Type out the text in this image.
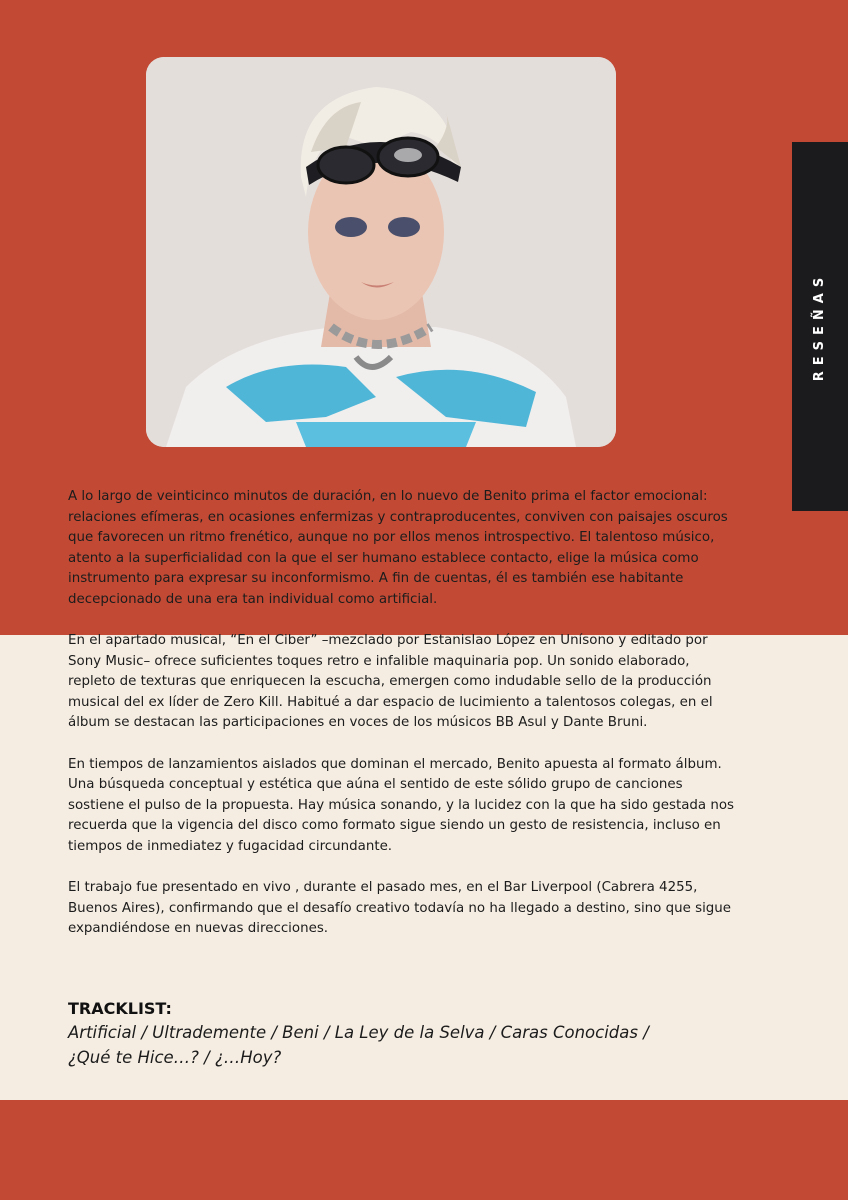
RESEÑAS

A lo largo de veinticinco minutos de duración, en lo nuevo de Benito prima el factor emocional: relaciones efímeras, en ocasiones enfermizas y contraproducentes, conviven con paisajes oscuros que favorecen un ritmo frenético, aunque no por ellos menos introspectivo. El talentoso músico, atento a la superficialidad con la que el ser humano establece contacto, elige la música como instrumento para expresar su inconformismo. A fin de cuentas, él es también ese habitante decepcionado de una era tan individual como artificial.

En el apartado musical, “En el Ciber” –mezclado por Estanislao López en Unísono y editado por Sony Music– ofrece suficientes toques retro e infalible maquinaria pop. Un sonido elaborado, repleto de texturas que enriquecen la escucha, emergen como indudable sello de la producción musical del ex líder de Zero Kill. Habitué a dar espacio de lucimiento a talentosos colegas, en el álbum se destacan las participaciones en voces de los músicos BB Asul y Dante Bruni.

En tiempos de lanzamientos aislados que dominan el mercado, Benito apuesta al formato álbum. Una búsqueda conceptual y estética que aúna el sentido de este sólido grupo de canciones sostiene el pulso de la propuesta. Hay música sonando, y la lucidez con la que ha sido gestada nos recuerda que la vigencia del disco como formato sigue siendo un gesto de resistencia, incluso en tiempos de inmediatez y fugacidad circundante.

El trabajo fue presentado en vivo , durante el pasado mes, en el Bar Liverpool (Cabrera 4255, Buenos Aires), confirmando que el desafío creativo todavía no ha llegado a destino, sino que sigue expandiéndose en nuevas direcciones.

TRACKLIST:
Artificial / Ultrademente / Beni / La Ley de la Selva / Caras Conocidas /
¿Qué te Hice…? / ¿…Hoy?
